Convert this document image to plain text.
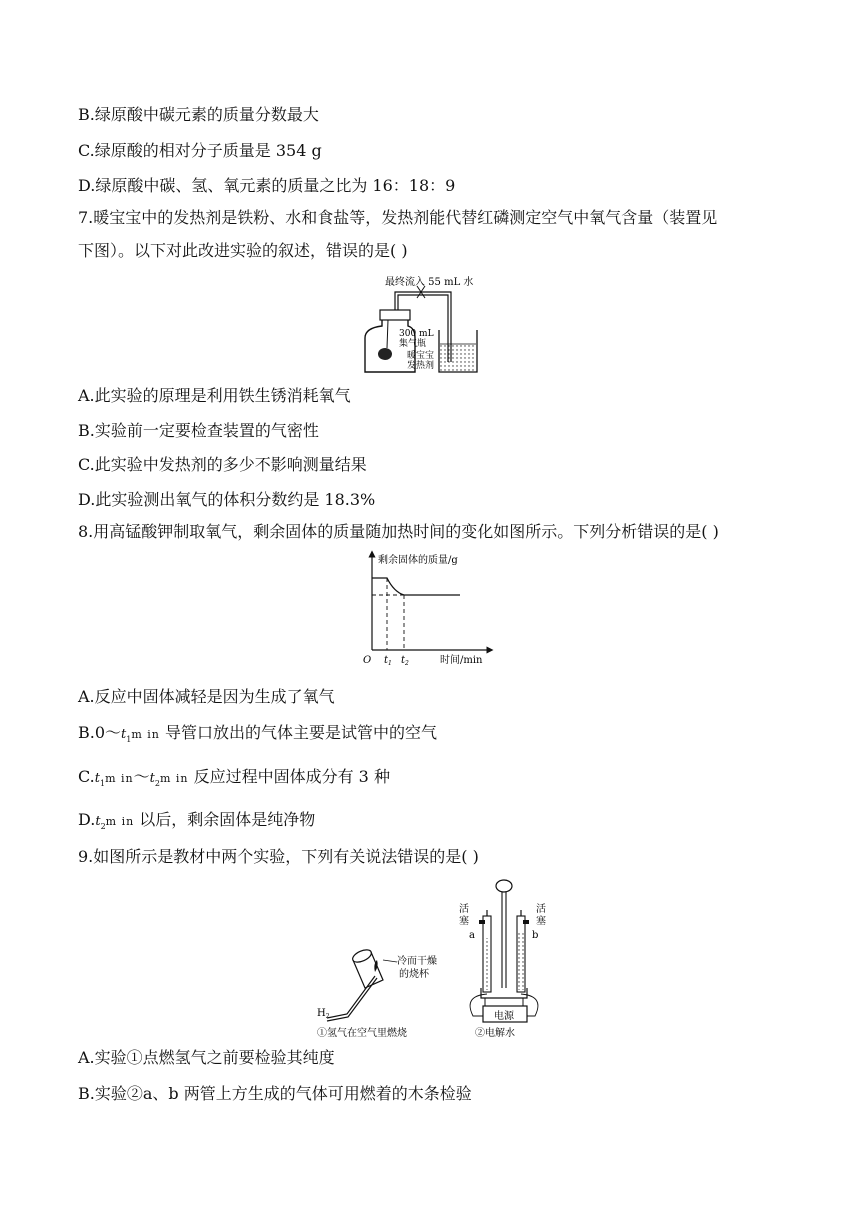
B.绿原酸中碳元素的质量分数最大
C.绿原酸的相对分子质量是 354 g
D.绿原酸中碳、氢、氧元素的质量之比为 16：18：9
7.暖宝宝中的发热剂是铁粉、水和食盐等，发热剂能代替红磷测定空气中氧气含量（装置见
下图）。以下对此改进实验的叙述，错误的是( )
最终流入 55 mL 水
300 mL
集气瓶
暖宝宝
发热剂
A.此实验的原理是利用铁生锈消耗氧气
B.实验前一定要检查装置的气密性
C.此实验中发热剂的多少不影响测量结果
D.此实验测出氧气的体积分数约是 18.3%
8.用高锰酸钾制取氧气，剩余固体的质量随加热时间的变化如图所示。下列分析错误的是( )
剩余固体的质量/g
时间/min
O $t_1$ $t_2$
A.反应中固体减轻是因为生成了氧气
$B.0\sim t_1m$ in 导管口放出的气体主要是试管中的空气
$C.t_1m$ $in\sim t_2m$ in 反应过程中固体成分有 3 种
$D.t_2m$ in 以后，剩余固体是纯净物
9.如图所示是教材中两个实验，下列有关说法错误的是( )
冷而干燥
的烧杯
$H_2$
①氢气在空气里燃烧
电源
活
塞
a
活
塞
b
②电解水
A.实验①点燃氢气之前要检验其纯度
B.实验②a、b 两管上方生成的气体可用燃着的木条检验
